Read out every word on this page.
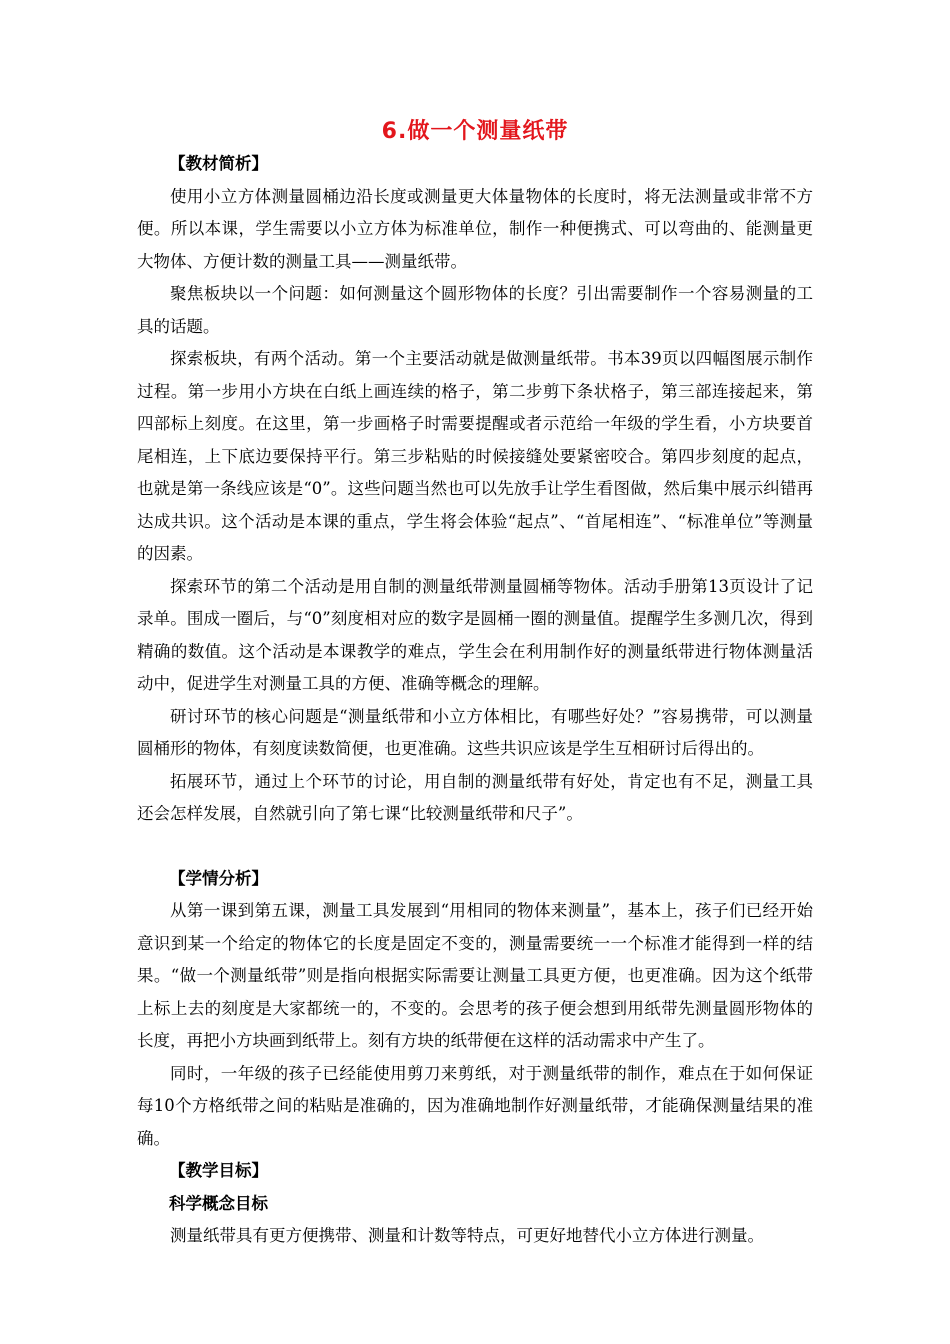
6.做一个测量纸带
【教材简析】

使用小立方体测量圆桶边沿长度或测量更大体量物体的长度时，将无法测量或非常不方便。所以本课，学生需要以小立方体为标准单位，制作一种便携式、可以弯曲的、能测量更大物体、方便计数的测量工具——测量纸带。

聚焦板块以一个问题：如何测量这个圆形物体的长度？引出需要制作一个容易测量的工具的话题。

探索板块，有两个活动。第一个主要活动就是做测量纸带。书本39页以四幅图展示制作过程。第一步用小方块在白纸上画连续的格子，第二步剪下条状格子，第三部连接起来，第四部标上刻度。在这里，第一步画格子时需要提醒或者示范给一年级的学生看，小方块要首尾相连，上下底边要保持平行。第三步粘贴的时候接缝处要紧密咬合。第四步刻度的起点，也就是第一条线应该是“0”。这些问题当然也可以先放手让学生看图做，然后集中展示纠错再达成共识。这个活动是本课的重点，学生将会体验“起点”、“首尾相连”、“标准单位”等测量的因素。

探索环节的第二个活动是用自制的测量纸带测量圆桶等物体。活动手册第13页设计了记录单。围成一圈后，与“0”刻度相对应的数字是圆桶一圈的测量值。提醒学生多测几次，得到精确的数值。这个活动是本课教学的难点，学生会在利用制作好的测量纸带进行物体测量活动中，促进学生对测量工具的方便、准确等概念的理解。

研讨环节的核心问题是“测量纸带和小立方体相比，有哪些好处？”容易携带，可以测量圆桶形的物体，有刻度读数简便，也更准确。这些共识应该是学生互相研讨后得出的。

拓展环节，通过上个环节的讨论，用自制的测量纸带有好处，肯定也有不足，测量工具还会怎样发展，自然就引向了第七课“比较测量纸带和尺子”。

【学情分析】

从第一课到第五课，测量工具发展到“用相同的物体来测量”，基本上，孩子们已经开始意识到某一个给定的物体它的长度是固定不变的，测量需要统一一个标准才能得到一样的结果。“做一个测量纸带”则是指向根据实际需要让测量工具更方便，也更准确。因为这个纸带上标上去的刻度是大家都统一的，不变的。会思考的孩子便会想到用纸带先测量圆形物体的长度，再把小方块画到纸带上。刻有方块的纸带便在这样的活动需求中产生了。

同时，一年级的孩子已经能使用剪刀来剪纸，对于测量纸带的制作，难点在于如何保证每10个方格纸带之间的粘贴是准确的，因为准确地制作好测量纸带，才能确保测量结果的准确。

【教学目标】
科学概念目标

测量纸带具有更方便携带、测量和计数等特点，可更好地替代小立方体进行测量。
